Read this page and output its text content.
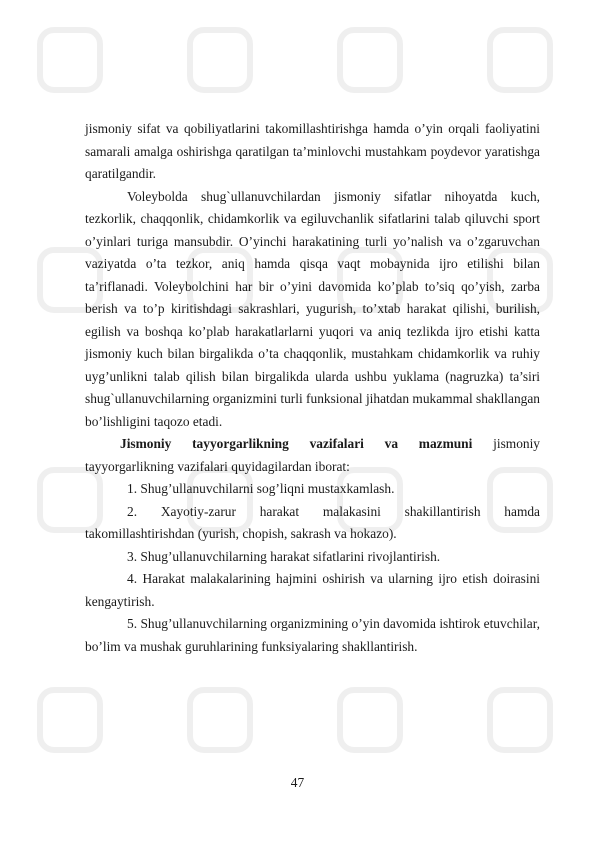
jismoniy sifat va qobiliyatlarini takomillashtirishga hamda o’yin orqali faoliyatini samarali amalga oshirishga qaratilgan ta’minlovchi mustahkam poydevor yaratishga qaratilgandir.

Voleybolda shug`ullanuvchilardan jismoniy sifatlar nihoyatda kuch, tezkorlik, chaqqonlik, chidamkorlik va egiluvchanlik sifatlarini talab qiluvchi sport o’yinlari turiga mansubdir. O’yinchi harakatining turli yo’nalish va o’zgaruvchan vaziyatda o’ta tezkor, aniq hamda qisqa vaqt mobaynida ijro etilishi bilan ta’riflanadi. Voleybolchini har bir o’yini davomida ko’plab to’siq qo’yish, zarba berish va to’p kiritishdagi sakrashlari, yugurish, to’xtab harakat qilishi, burilish, egilish va boshqa ko’plab harakatlarlarni yuqori va aniq tezlikda ijro etishi katta jismoniy kuch bilan birgalikda o’ta chaqqonlik, mustahkam chidamkorlik va ruhiy uyg’unlikni talab qilish bilan birgalikda ularda ushbu yuklama (nagruzka) ta’siri shug`ullanuvchilarning organizmini turli funksional jihatdan mukammal shakllangan bo’lishligini taqozo etadi.

Jismoniy tayyorgarlikning vazifalari va mazmuni jismoniy tayyorgarlikning vazifalari quyidagilardan iborat:

1. Shug’ullanuvchilarni sog’liqni mustaxkamlash.

2. Xayotiy-zarur harakat malakasini shakillantirish hamda takomillashtirishdan (yurish, chopish, sakrash va hokazo).

3. Shug’ullanuvchilarning harakat sifatlarini rivojlantirish.

4. Harakat malakalarining hajmini oshirish va ularning ijro etish doirasini kengaytirish.

5. Shug’ullanuvchilarning organizmining o’yin davomida ishtirok etuvchilar, bo’lim va mushak guruhlarining funksiyalaring shakllantirish.

47
